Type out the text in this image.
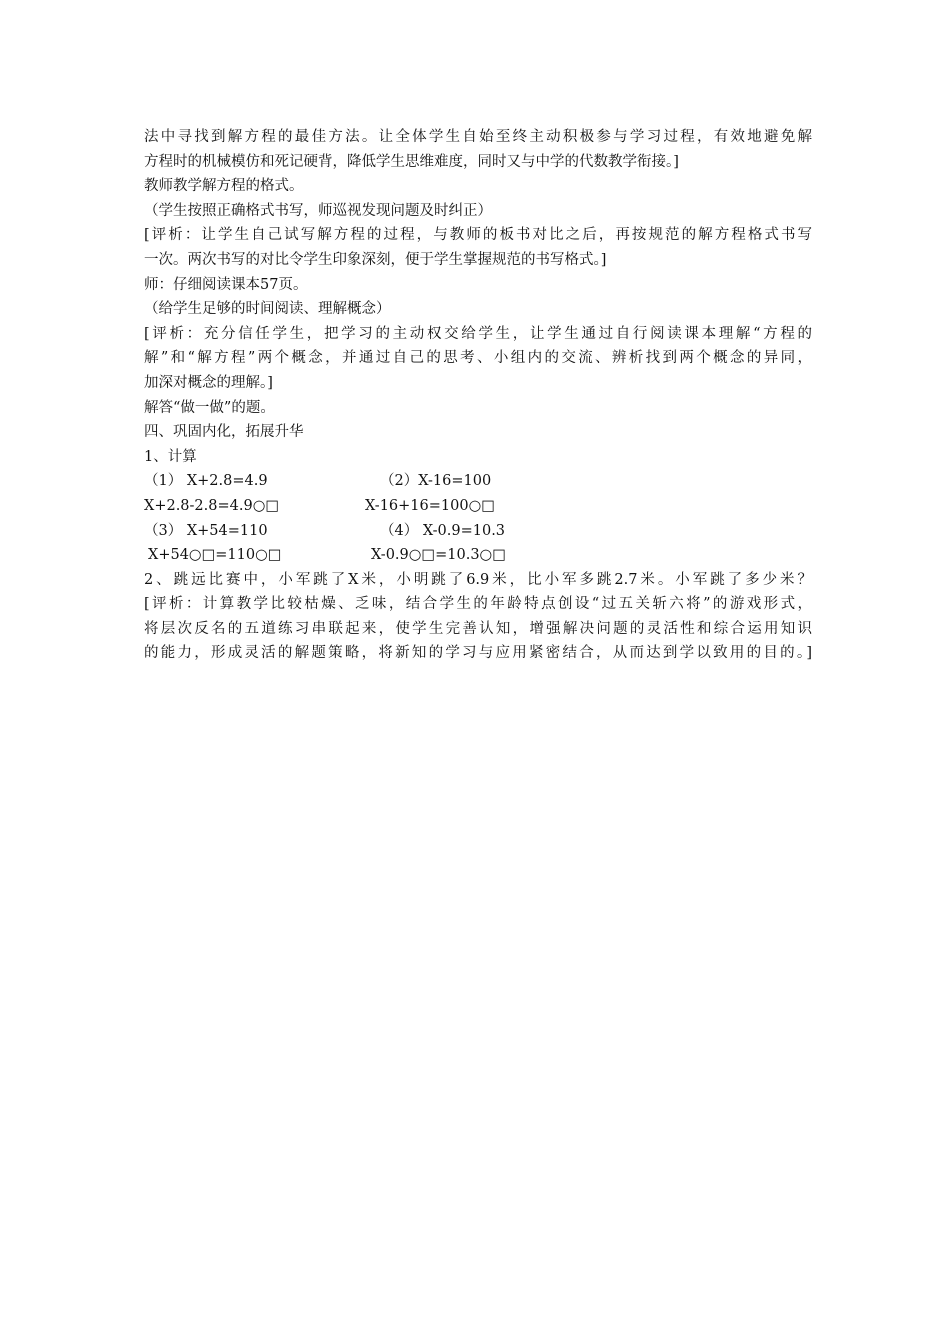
法中寻找到解方程的最佳方法。让全体学生自始至终主动积极参与学习过程，有效地避免解
方程时的机械模仿和死记硬背，降低学生思维难度，同时又与中学的代数教学衔接。]
教师教学解方程的格式。
（学生按照正确格式书写，师巡视发现问题及时纠正）
[评析：让学生自己试写解方程的过程，与教师的板书对比之后，再按规范的解方程格式书写
一次。两次书写的对比令学生印象深刻，便于学生掌握规范的书写格式。]
师：仔细阅读课本57页。
（给学生足够的时间阅读、理解概念）
[评析：充分信任学生，把学习的主动权交给学生，让学生通过自行阅读课本理解“方程的
解”和“解方程”两个概念，并通过自己的思考、小组内的交流、辨析找到两个概念的异同，
加深对概念的理解。]
解答“做一做”的题。
四、巩固内化，拓展升华
1、计算
（1） X+2.8=4.9	（2）X-16=100
X+2.8-2.8=4.9○□	X-16+16=100○□
（3） X+54=110	（4） X-0.9=10.3
X+54○□=110○□	X-0.9○□=10.3○□
2、跳远比赛中，小军跳了X米，小明跳了6.9米，比小军多跳2.7米。小军跳了多少米？
[评析：计算教学比较枯燥、乏味，结合学生的年龄特点创设“过五关斩六将”的游戏形式，
将层次反名的五道练习串联起来，使学生完善认知，增强解决问题的灵活性和综合运用知识
的能力，形成灵活的解题策略，将新知的学习与应用紧密结合，从而达到学以致用的目的。]
